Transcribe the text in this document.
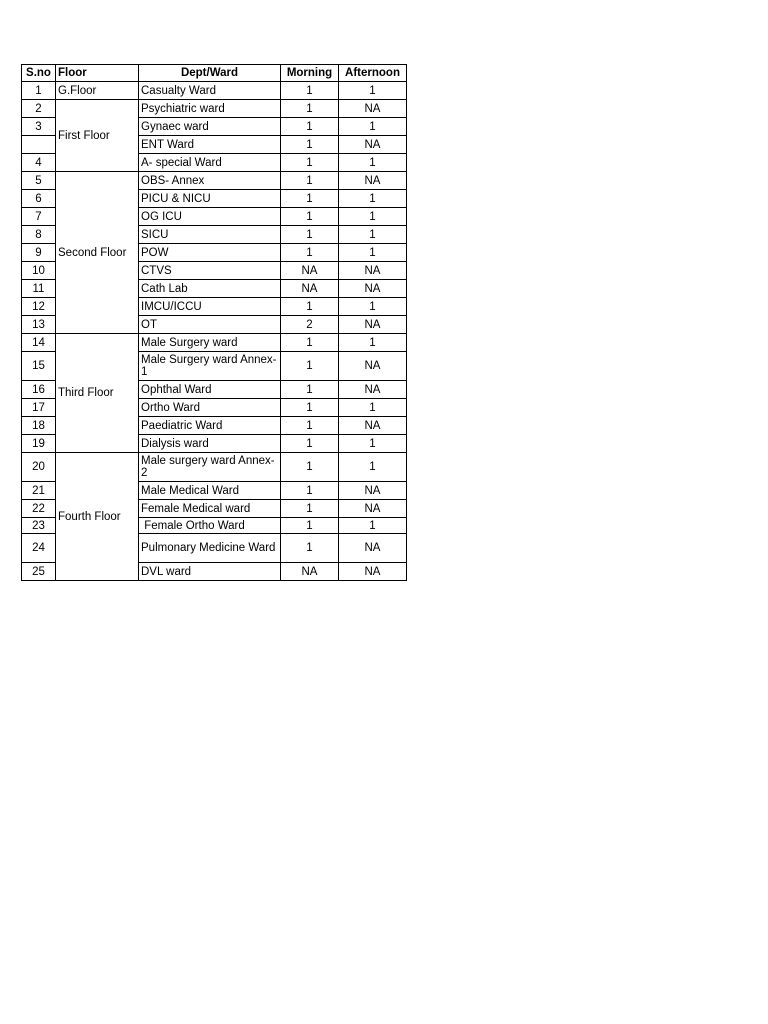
S.no	Floor	Dept/Ward	Morning	Afternoon
1	G.Floor	Casualty Ward	1	1
2	First Floor	Psychiatric ward	1	NA
3		Gynaec ward	1	1
		ENT Ward	1	NA
4		A- special Ward	1	1
5	Second Floor	OBS- Annex	1	NA
6		PICU & NICU	1	1
7		OG ICU	1	1
8		SICU	1	1
9		POW	1	1
10		CTVS	NA	NA
11		Cath Lab	NA	NA
12		IMCU/ICCU	1	1
13		OT	2	NA
14	Third Floor	Male Surgery ward	1	1
15		Male Surgery ward Annex- 1	1	NA
16		Ophthal Ward	1	NA
17		Ortho Ward	1	1
18		Paediatric Ward	1	NA
19		Dialysis ward	1	1
20	Fourth Floor	Male surgery ward Annex-2	1	1
21		Male Medical Ward	1	NA
22		Female Medical ward	1	NA
23		Female Ortho Ward	1	1
24		Pulmonary Medicine Ward	1	NA
25		DVL ward	NA	NA
